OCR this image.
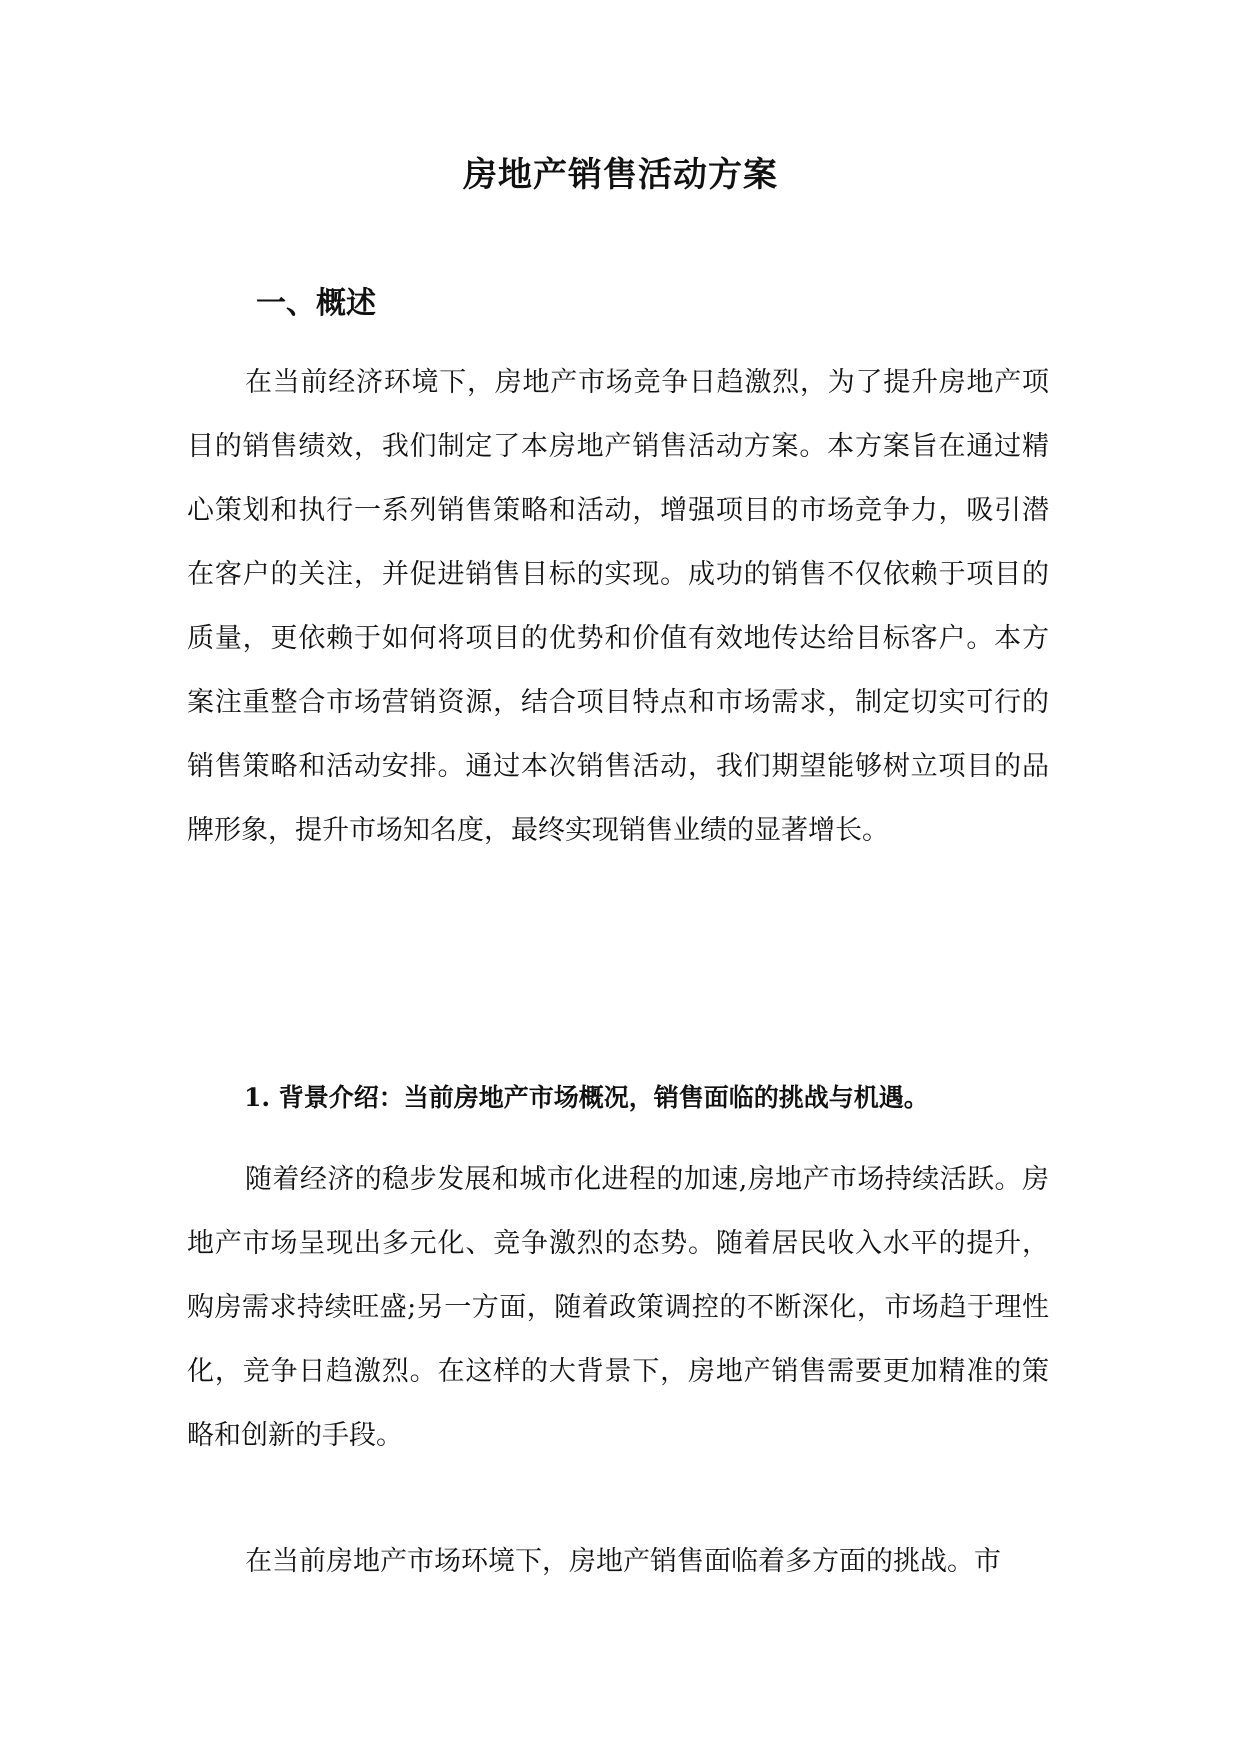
房地产销售活动方案
一、概述

在当前经济环境下，房地产市场竞争日趋激烈，为了提升房地产项目的销售绩效，我们制定了本房地产销售活动方案。本方案旨在通过精心策划和执行一系列销售策略和活动，增强项目的市场竞争力，吸引潜在客户的关注，并促进销售目标的实现。成功的销售不仅依赖于项目的质量，更依赖于如何将项目的优势和价值有效地传达给目标客户。本方案注重整合市场营销资源，结合项目特点和市场需求，制定切实可行的销售策略和活动安排。通过本次销售活动，我们期望能够树立项目的品牌形象，提升市场知名度，最终实现销售业绩的显著增长。

1. 背景介绍：当前房地产市场概况，销售面临的挑战与机遇。

随着经济的稳步发展和城市化进程的加速,房地产市场持续活跃。房地产市场呈现出多元化、竞争激烈的态势。随着居民收入水平的提升，购房需求持续旺盛;另一方面，随着政策调控的不断深化，市场趋于理性化，竞争日趋激烈。在这样的大背景下，房地产销售需要更加精准的策略和创新的手段。

在当前房地产市场环境下，房地产销售面临着多方面的挑战。市
